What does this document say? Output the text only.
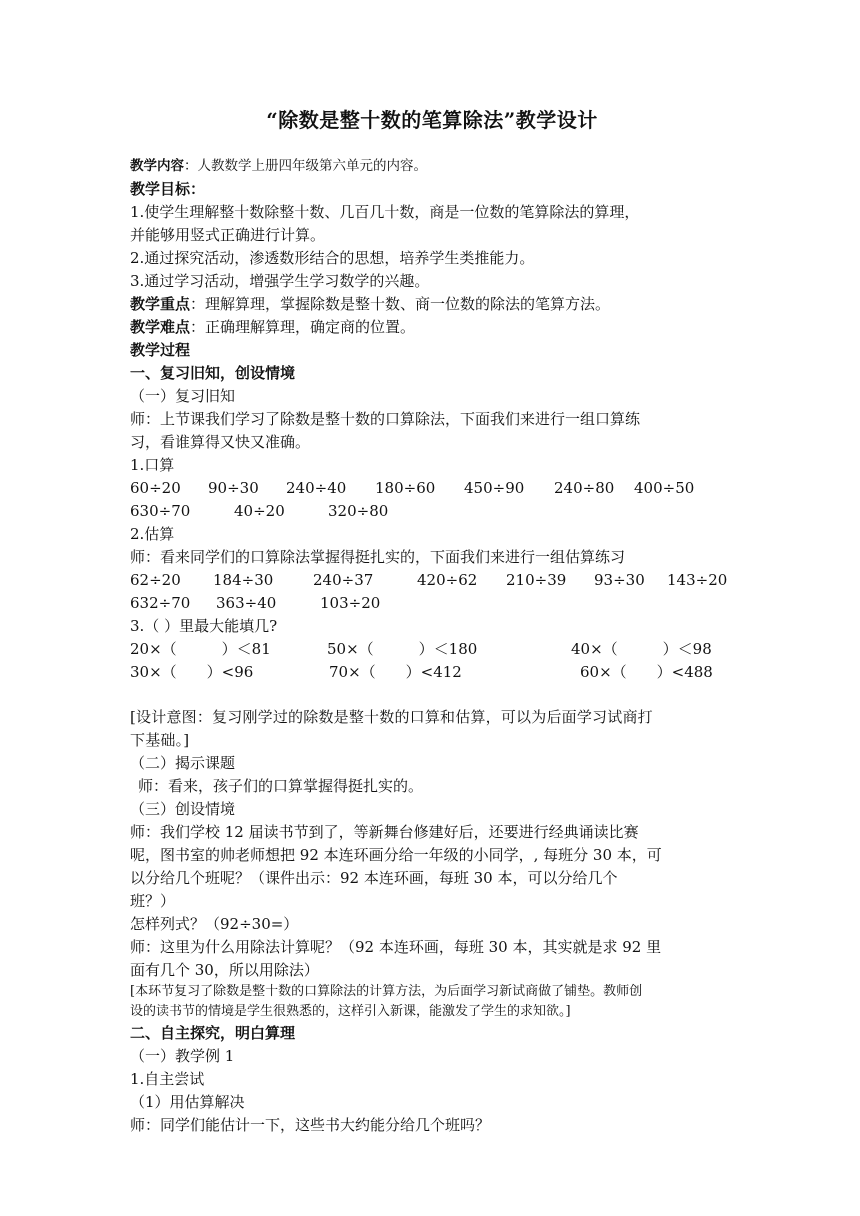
“除数是整十数的笔算除法”教学设计
教学内容：人教数学上册四年级第六单元的内容。
教学目标：
1.使学生理解整十数除整十数、几百几十数，商是一位数的笔算除法的算理，
并能够用竖式正确进行计算。
2.通过探究活动，渗透数形结合的思想，培养学生类推能力。
3.通过学习活动，增强学生学习数学的兴趣。
教学重点：理解算理，掌握除数是整十数、商一位数的除法的笔算方法。
教学难点：正确理解算理，确定商的位置。
教学过程
一、复习旧知，创设情境
（一）复习旧知
师：上节课我们学习了除数是整十数的口算除法，下面我们来进行一组口算练
习，看谁算得又快又准确。
1.口算
60÷20	90÷30	240÷40	180÷60	450÷90	240÷80	400÷50
630÷70	40÷20	320÷80
2.估算
师：看来同学们的口算除法掌握得挺扎实的，下面我们来进行一组估算练习
62÷20	184÷30	240÷37	420÷62	210÷39	93÷30	143÷20
632÷70	363÷40	103÷20
3.（ ）里最大能填几?
20×（　　　）＜81	50×（　　　）＜180	40×（　　　）＜98
30×（　　）<96	70×（　　）<412	60×（　　）<488
[设计意图：复习刚学过的除数是整十数的口算和估算，可以为后面学习试商打
下基础。]
（二）揭示课题
师：看来，孩子们的口算掌握得挺扎实的。
（三）创设情境
师：我们学校 12 届读书节到了，等新舞台修建好后，还要进行经典诵读比赛
呢，图书室的帅老师想把 92 本连环画分给一年级的小同学，, 每班分 30 本，可
以分给几个班呢？（课件出示：92 本连环画，每班 30 本，可以分给几个
班？）
怎样列式？（92÷30=）
师：这里为什么用除法计算呢？（92 本连环画，每班 30 本，其实就是求 92 里
面有几个 30，所以用除法）
[本环节复习了除数是整十数的口算除法的计算方法，为后面学习新试商做了铺垫。教师创
设的读书节的情境是学生很熟悉的，这样引入新课，能激发了学生的求知欲。]
二、自主探究，明白算理
（一）教学例 1
1.自主尝试
（1）用估算解决
师：同学们能估计一下，这些书大约能分给几个班吗？
